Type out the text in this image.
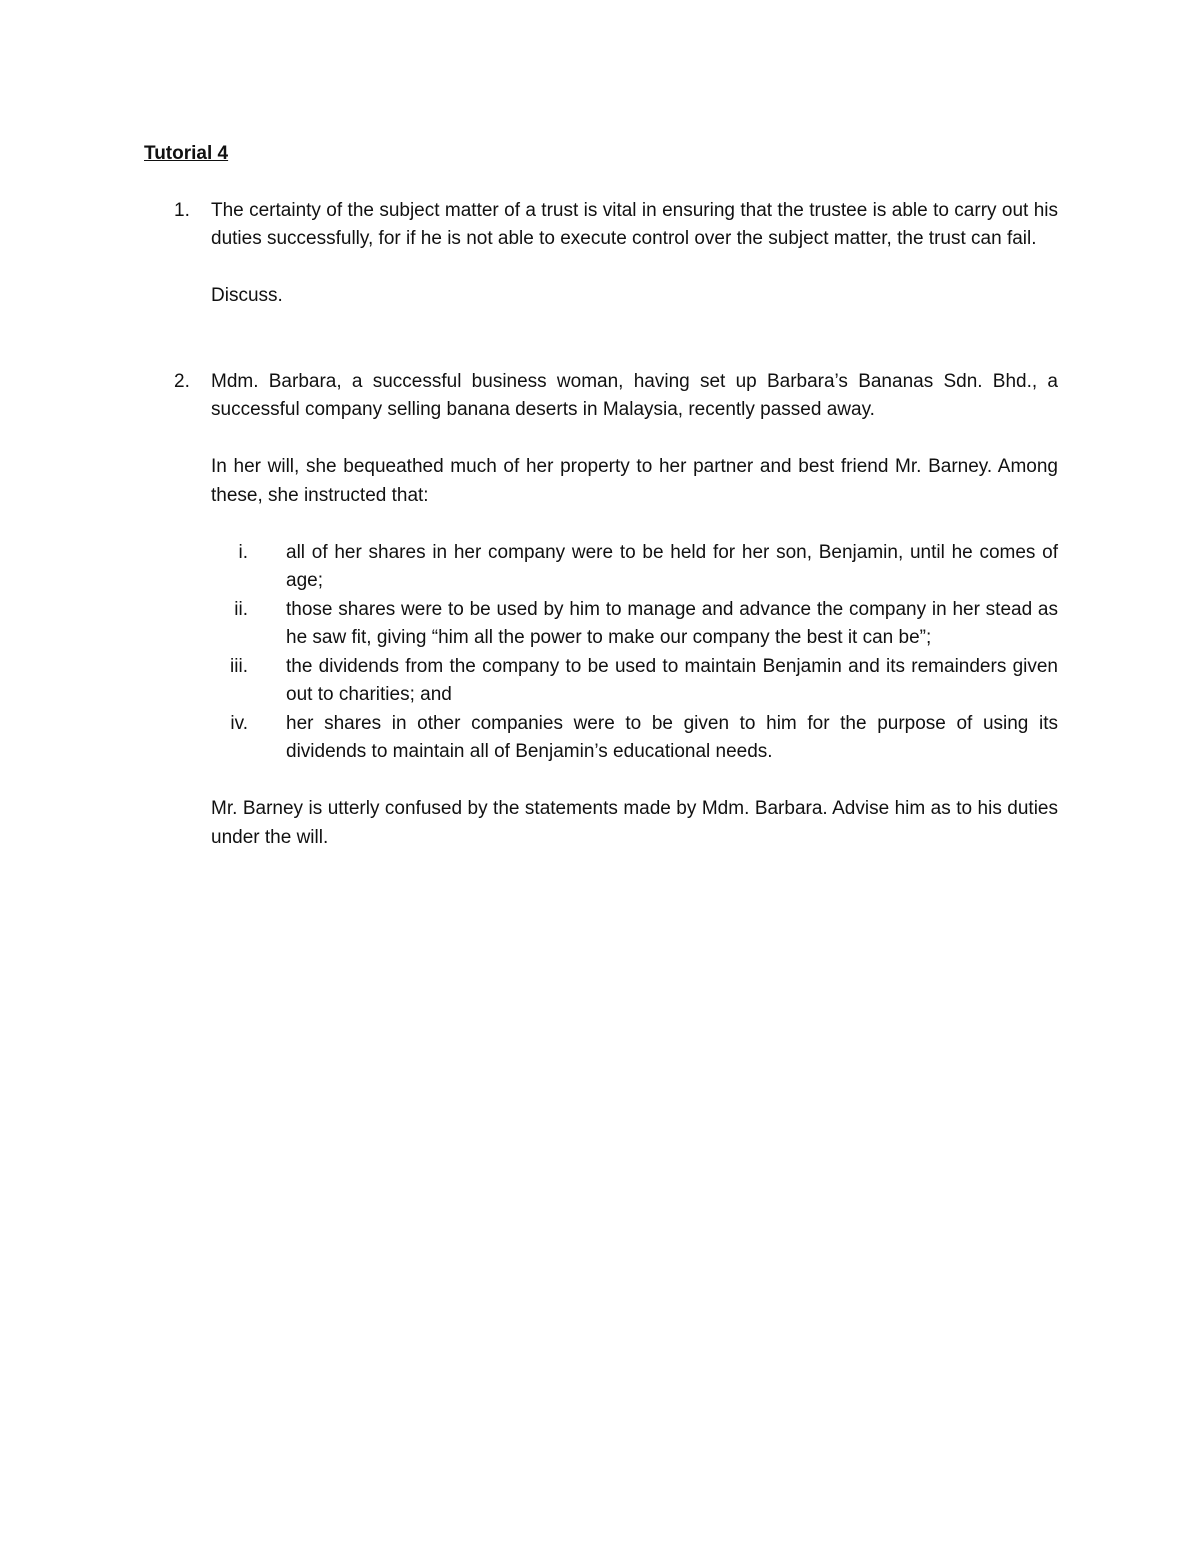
Tutorial 4
1. The certainty of the subject matter of a trust is vital in ensuring that the trustee is able to carry out his duties successfully, for if he is not able to execute control over the subject matter, the trust can fail.

Discuss.

2. Mdm. Barbara, a successful business woman, having set up Barbara’s Bananas Sdn. Bhd., a successful company selling banana deserts in Malaysia, recently passed away.

In her will, she bequeathed much of her property to her partner and best friend Mr. Barney. Among these, she instructed that:

i. all of her shares in her company were to be held for her son, Benjamin, until he comes of age;

ii. those shares were to be used by him to manage and advance the company in her stead as he saw fit, giving “him all the power to make our company the best it can be”;

iii. the dividends from the company to be used to maintain Benjamin and its remainders given out to charities; and

iv. her shares in other companies were to be given to him for the purpose of using its dividends to maintain all of Benjamin’s educational needs.

Mr. Barney is utterly confused by the statements made by Mdm. Barbara. Advise him as to his duties under the will.
